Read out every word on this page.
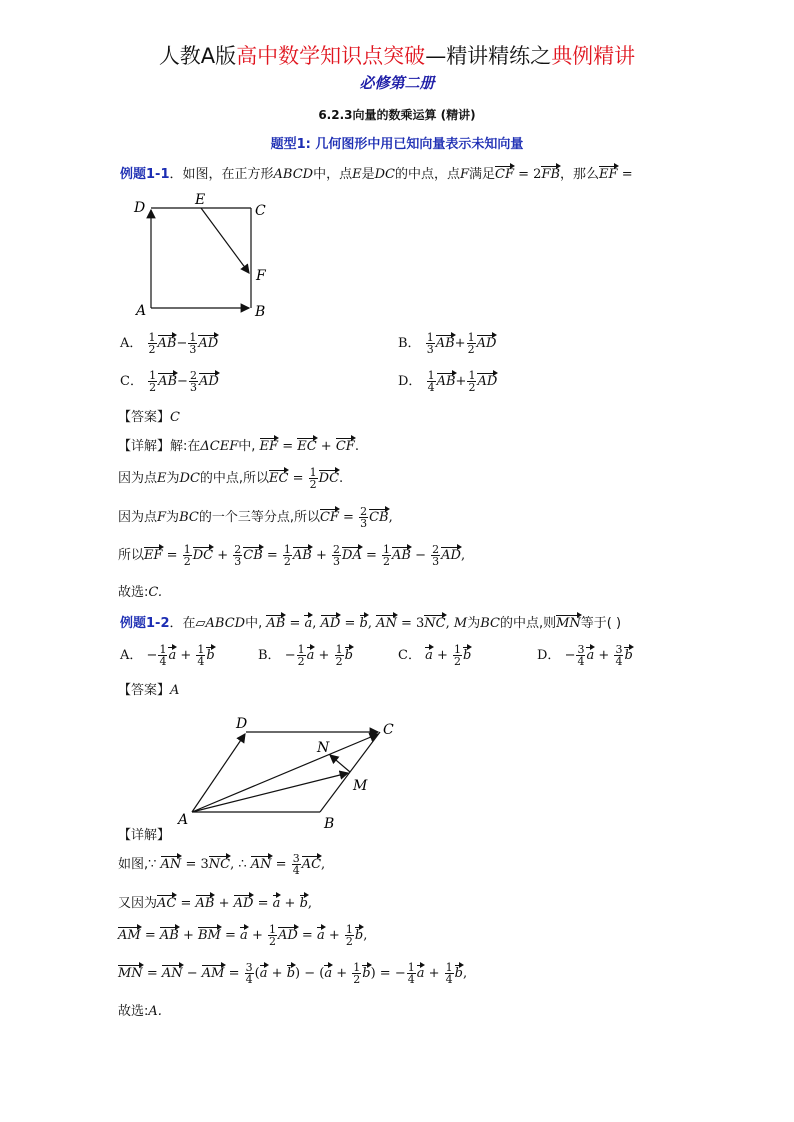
人教A版高中数学知识点突破—精讲精练之典例精讲
必修第二册
6.2.3向量的数乘运算 (精讲)
题型1: 几何图形中用已知向量表示未知向量
例题1-1．如图，在正方形ABCD中，点E是DC的中点，点F满足CF = 2FB，那么EF =
D	E
C
F
A	B
A． $\frac{1}{2} AB- \frac{1}{3}$ AD	B． $\frac{1}{3} AB+ \frac{1}{2}$ AD
C． $\frac{1}{2} AB- \frac{2}{3}$ AD	D． $\frac{1}{4} AB+ \frac{1}{2}$ AD
【答案】C
【详解】解:在ΔCEF中, EF = EC + CF.
因为点E为DC的中点,所以EC = $\frac{1}{2}$ DC.
因为点F为BC的一个三等分点,所以CF = $\frac{2}{3}$ CB,
所以EF = $\frac{1}{2}$ DC + $\frac{2}{3}$ CB = $\frac{1}{2}$ AB + $\frac{2}{3}$ DA = $\frac{1}{2}$ AB − $\frac{2}{3}$ AD,
故选:C.
例题1-2．在▱ABCD中, AB = a, AD = b, AN = 3NC, M为BC的中点,则MN等于( )
A． − $\frac{1}{4}$ $a + \frac{1}{4}$ b	B． − $\frac{1}{2}$ $a + \frac{1}{2}$ b	C． $a + \frac{1}{2}$ b	D． − $\frac{3}{4}$ $a + \frac{3}{4}$ b
【答案】A
D	C
N
M
A	B
【详解】
如图,∵ AN = 3NC, ∴ AN = $\frac{3}{4}$ AC,
又因为AC = AB + AD = a + b,
AM = AB + BM = $a + \frac{1}{2}$ AD = $a + \frac{1}{2} b$,
MN = AN − AM = $\frac{3}{4} (a + b) - (a + \frac{1}{2} b)$ = − $\frac{1}{4}$ $a + \frac{1}{4} b$,
故选:A.
